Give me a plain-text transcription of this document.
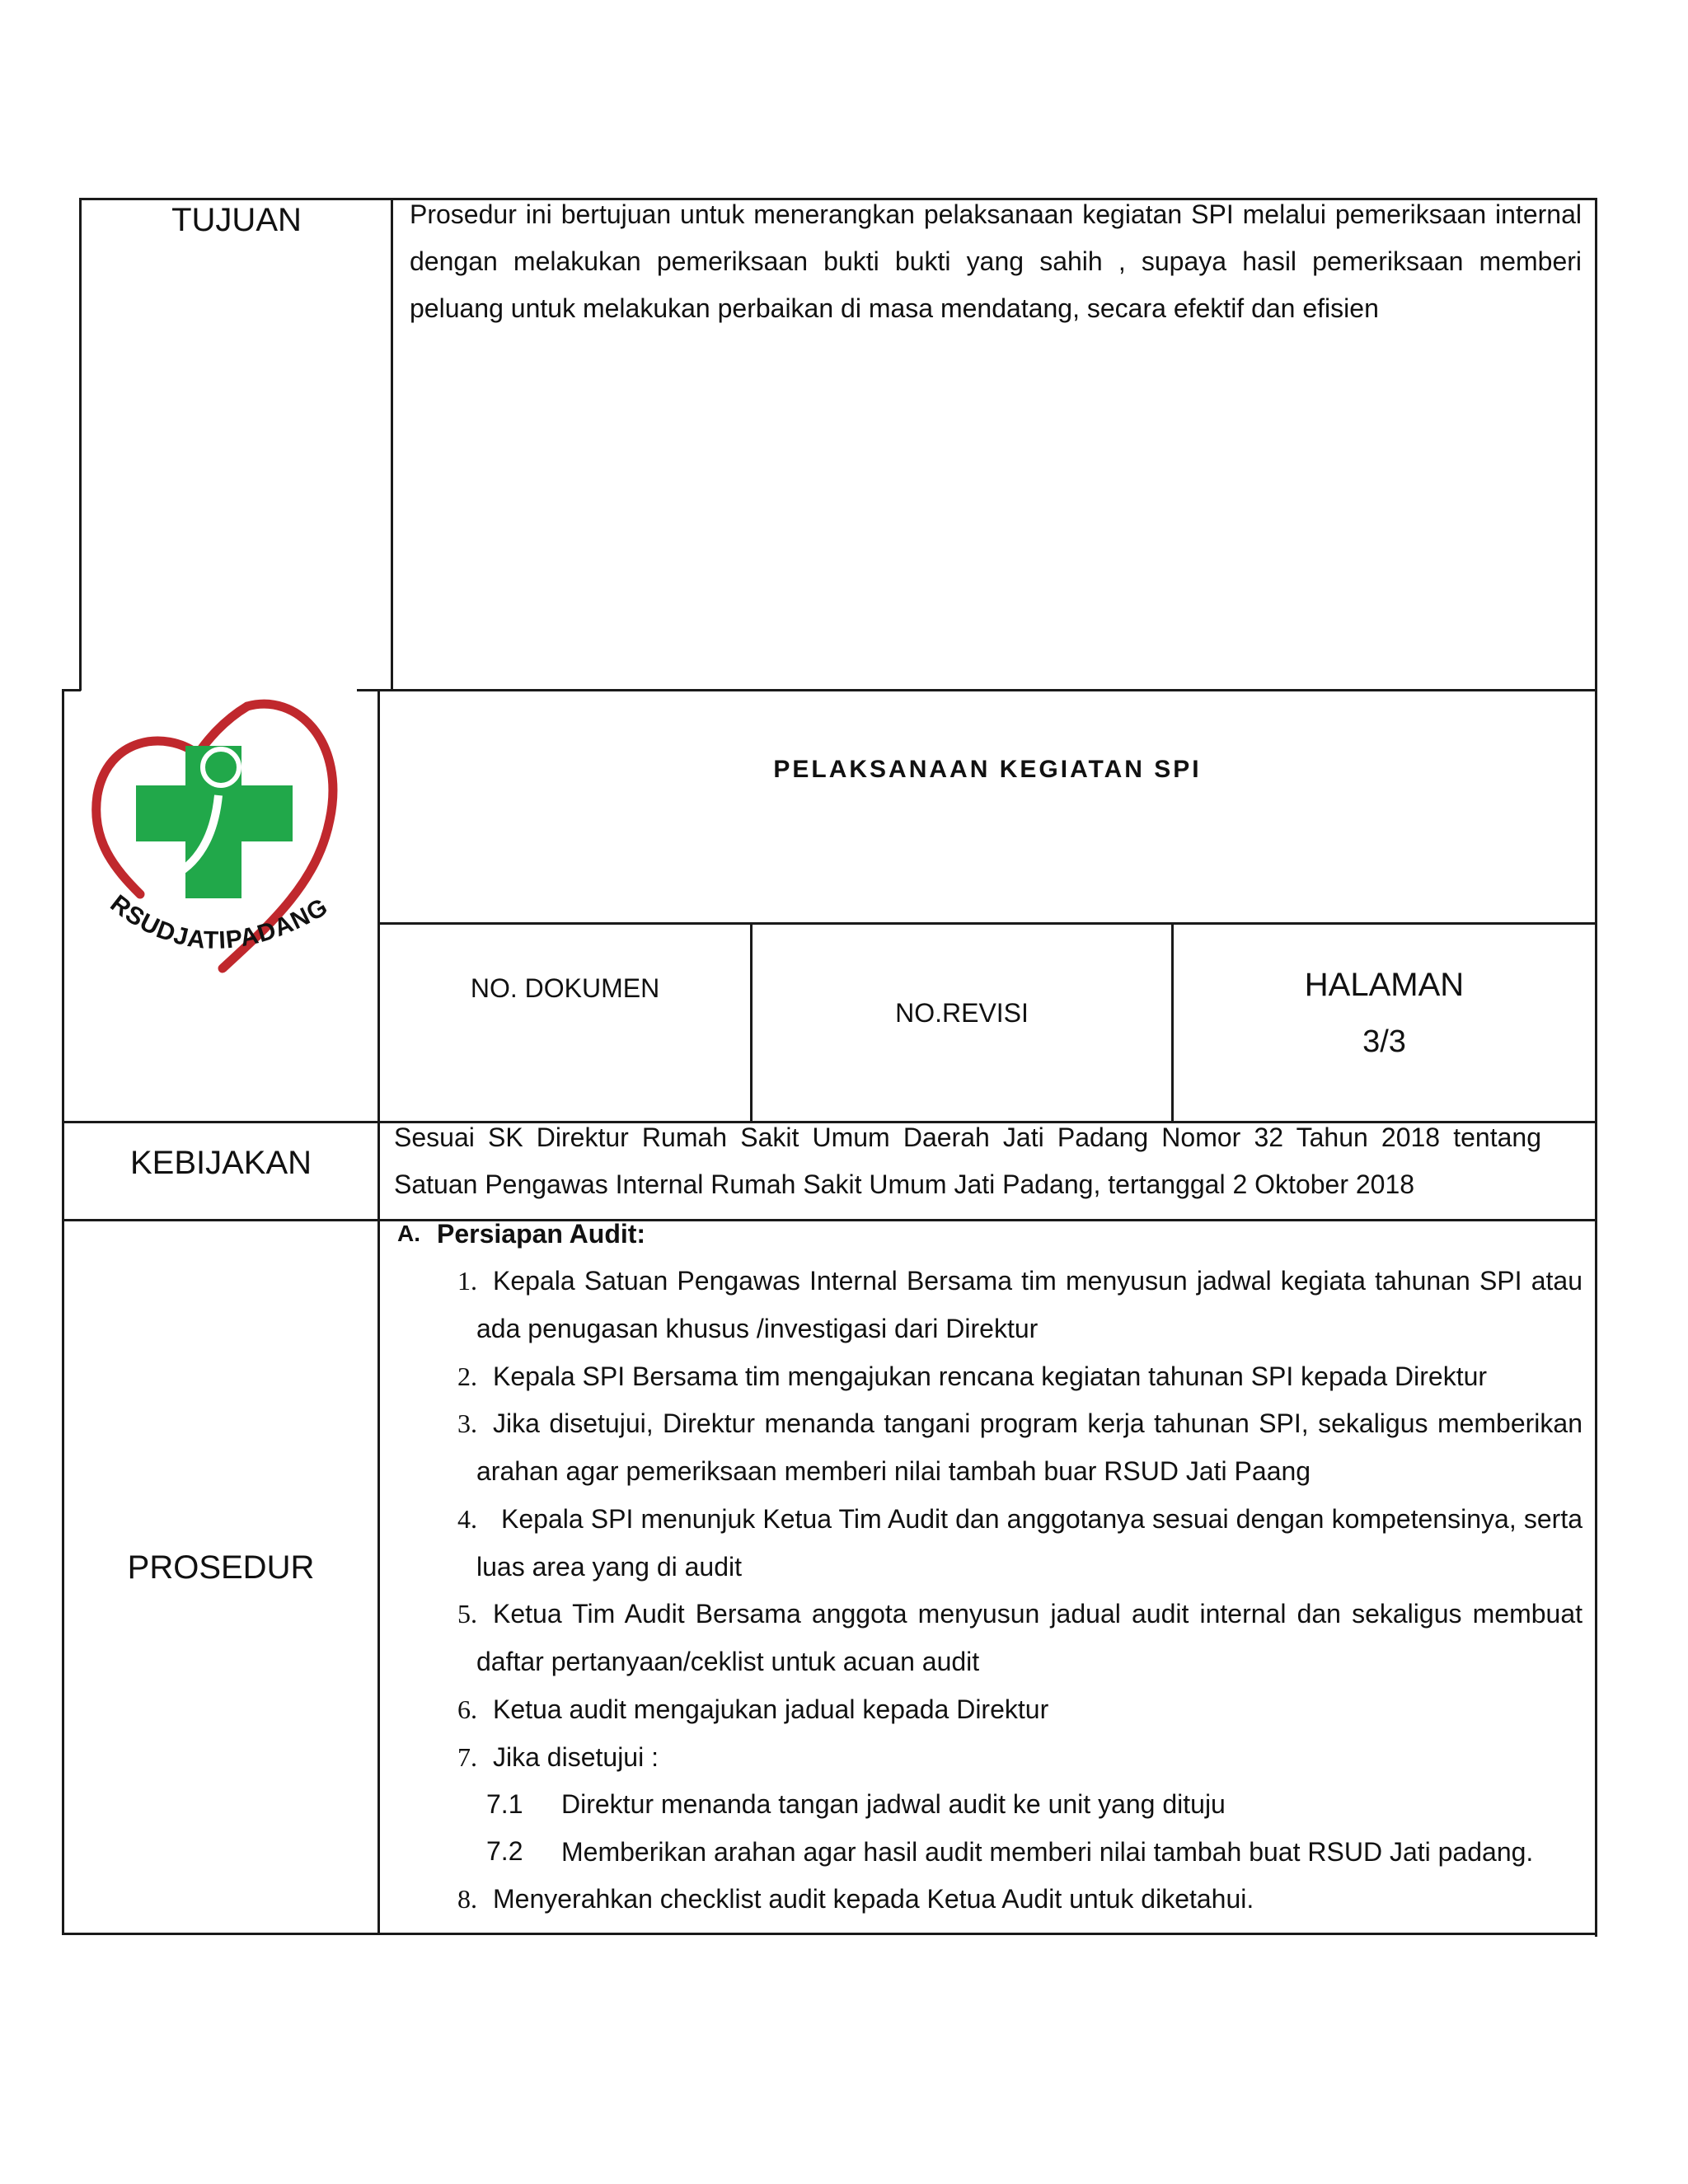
TUJUAN	Prosedur ini bertujuan untuk menerangkan pelaksanaan kegiatan SPI melalui pemeriksaan internal dengan melakukan pemeriksaan bukti bukti yang sahih , supaya hasil pemeriksaan memberi peluang untuk melakukan perbaikan di masa mendatang, secara efektif dan efisien
RSUDJATIPADANG
PELAKSANAAN KEGIATAN SPI
NO. DOKUMEN
NO.REVISI
HALAMAN
3/3
KEBIJAKAN
Sesuai SK Direktur Rumah Sakit Umum Daerah Jati Padang Nomor 32 Tahun 2018 tentang Satuan Pengawas Internal Rumah Sakit Umum Jati Padang, tertanggal 2 Oktober 2018
PROSEDUR
A. Persiapan Audit:
1. Kepala Satuan Pengawas Internal Bersama tim menyusun jadwal kegiata tahunan SPI atau ada penugasan khusus /investigasi dari Direktur
2. Kepala SPI Bersama tim mengajukan rencana kegiatan tahunan SPI kepada Direktur
3. Jika disetujui, Direktur menanda tangani program kerja tahunan SPI, sekaligus memberikan arahan agar pemeriksaan memberi nilai tambah buar RSUD Jati Paang
4. Kepala SPI menunjuk Ketua Tim Audit dan anggotanya sesuai dengan kompetensinya, serta luas area yang di audit
5. Ketua Tim Audit Bersama anggota menyusun jadual audit internal dan sekaligus membuat daftar pertanyaan/ceklist untuk acuan audit
6. Ketua audit mengajukan jadual kepada Direktur
7. Jika disetujui :
7.1 Direktur menanda tangan jadwal audit ke unit yang dituju
7.2 Memberikan arahan agar hasil audit memberi nilai tambah buat RSUD Jati padang.
8. Menyerahkan checklist audit kepada Ketua Audit untuk diketahui.
